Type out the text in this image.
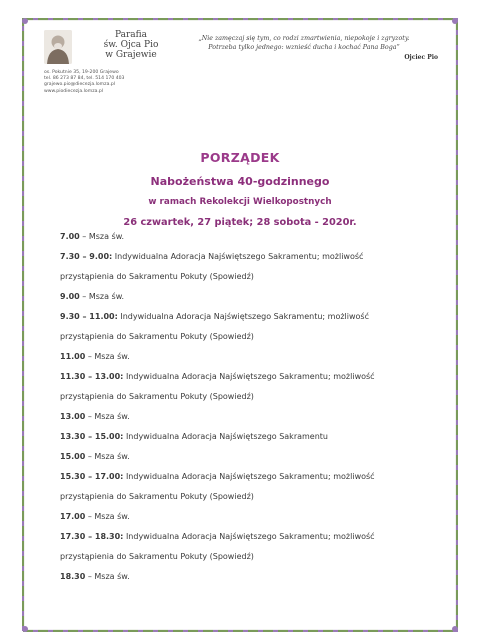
Parafia
św. Ojca Pio
w Grajewie
os. Pokutnie 35, 19-200 Grajewo
tel. 86 273 87 84, tel. 514 170 403
grajewo.pio@diecezja.lomza.pl
www.piodiecezja.lomza.pl
„Nie zamęczaj się tym, co rodzi zmartwienia, niepokoje i zgryzoty.
Potrzeba tylko jednego: wznieść ducha i kochać Pana Boga”
Ojciec Pio
PORZĄDEK
Nabożeństwa 40-godzinnego
w ramach Rekolekcji Wielkopostnych
26 czwartek, 27 piątek; 28 sobota - 2020r.
7.00 – Msza św.
7.30 – 9.00: Indywidualna Adoracja Najświętszego Sakramentu; możliwość
przystąpienia do Sakramentu Pokuty (Spowiedź)
9.00 – Msza św.
9.30 – 11.00: Indywidualna Adoracja Najświętszego Sakramentu; możliwość
przystąpienia do Sakramentu Pokuty (Spowiedź)
11.00 – Msza św.
11.30 – 13.00: Indywidualna Adoracja Najświętszego Sakramentu; możliwość
przystąpienia do Sakramentu Pokuty (Spowiedź)
13.00 – Msza św.
13.30 – 15.00: Indywidualna Adoracja Najświętszego Sakramentu
15.00 – Msza św.
15.30 – 17.00: Indywidualna Adoracja Najświętszego Sakramentu; możliwość
przystąpienia do Sakramentu Pokuty (Spowiedź)
17.00 – Msza św.
17.30 – 18.30: Indywidualna Adoracja Najświętszego Sakramentu; możliwość
przystąpienia do Sakramentu Pokuty (Spowiedź)
18.30 – Msza św.
